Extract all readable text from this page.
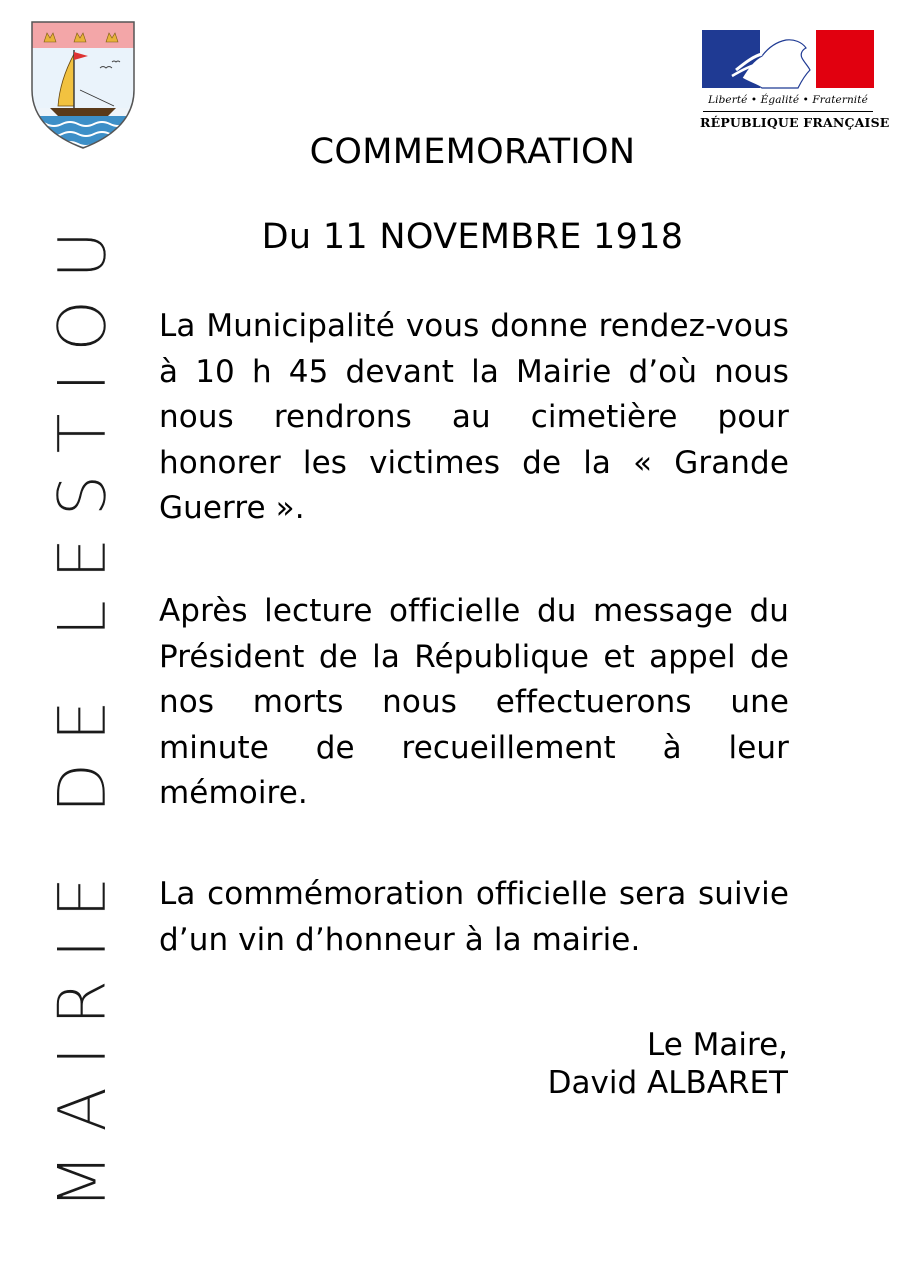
Liberté • Égalité • Fraternité
RÉPUBLIQUE FRANÇAISE
MAIRIE DE LESTIOU
COMMEMORATION
Du 11 NOVEMBRE 1918
La Municipalité vous donne rendez-vous à 10 h 45 devant la Mairie d’où nous nous rendrons au cimetière pour honorer les victimes de la « Grande Guerre ».
Après lecture officielle du message du Président de la République et appel de nos morts nous effectuerons une minute de recueillement à leur mémoire.
La commémoration officielle sera suivie d’un vin d’honneur à la mairie.
Le Maire,
David ALBARET
